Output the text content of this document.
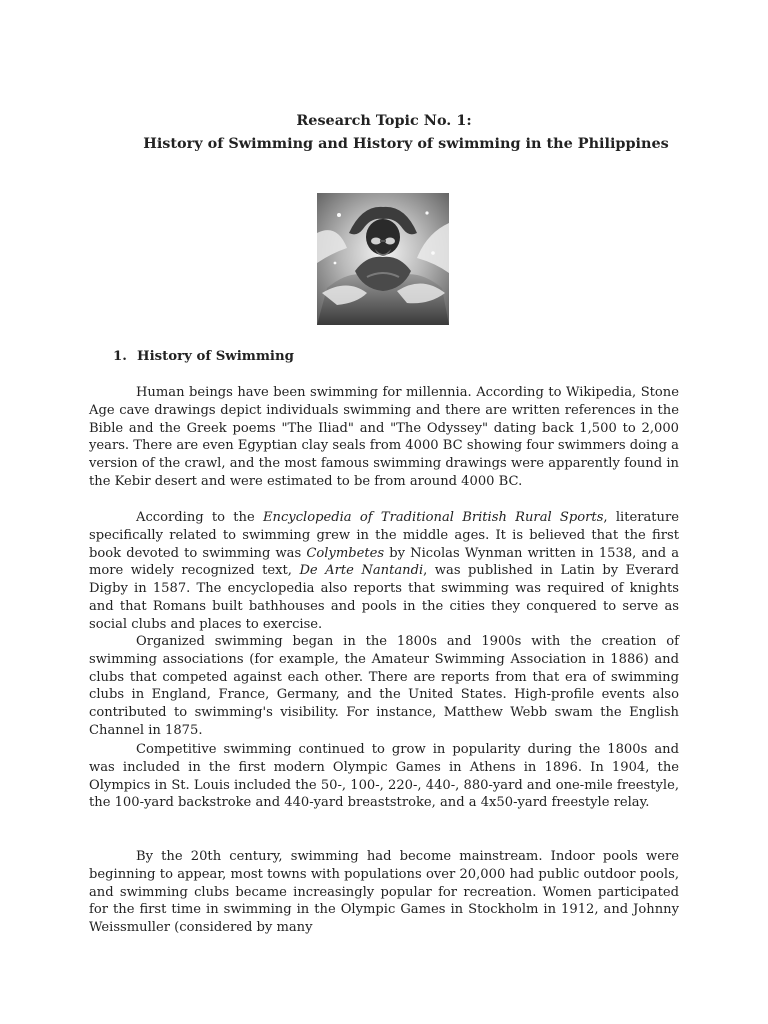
Research Topic No. 1:
History of Swimming and History of swimming in the Philippines
1. History of Swimming

Human beings have been swimming for millennia. According to Wikipedia, Stone Age cave drawings depict individuals swimming and there are written references in the Bible and the Greek poems "The Iliad" and "The Odyssey" dating back 1,500 to 2,000 years. There are even Egyptian clay seals from 4000 BC showing four swimmers doing a version of the crawl, and the most famous swimming drawings were apparently found in the Kebir desert and were estimated to be from around 4000 BC.

According to the Encyclopedia of Traditional British Rural Sports, literature specifically related to swimming grew in the middle ages. It is believed that the first book devoted to swimming was Colymbetes by Nicolas Wynman written in 1538, and a more widely recognized text, De Arte Nantandi, was published in Latin by Everard Digby in 1587. The encyclopedia also reports that swimming was required of knights and that Romans built bathhouses and pools in the cities they conquered to serve as social clubs and places to exercise.

Organized swimming began in the 1800s and 1900s with the creation of swimming associations (for example, the Amateur Swimming Association in 1886) and clubs that competed against each other. There are reports from that era of swimming clubs in England, France, Germany, and the United States. High-profile events also contributed to swimming's visibility. For instance, Matthew Webb swam the English Channel in 1875.

Competitive swimming continued to grow in popularity during the 1800s and was included in the first modern Olympic Games in Athens in 1896. In 1904, the Olympics in St. Louis included the 50-, 100-, 220-, 440-, 880-yard and one-mile freestyle, the 100-yard backstroke and 440-yard breaststroke, and a 4x50-yard freestyle relay.

By the 20th century, swimming had become mainstream. Indoor pools were beginning to appear, most towns with populations over 20,000 had public outdoor pools, and swimming clubs became increasingly popular for recreation. Women participated for the first time in swimming in the Olympic Games in Stockholm in 1912, and Johnny Weissmuller (considered by many
